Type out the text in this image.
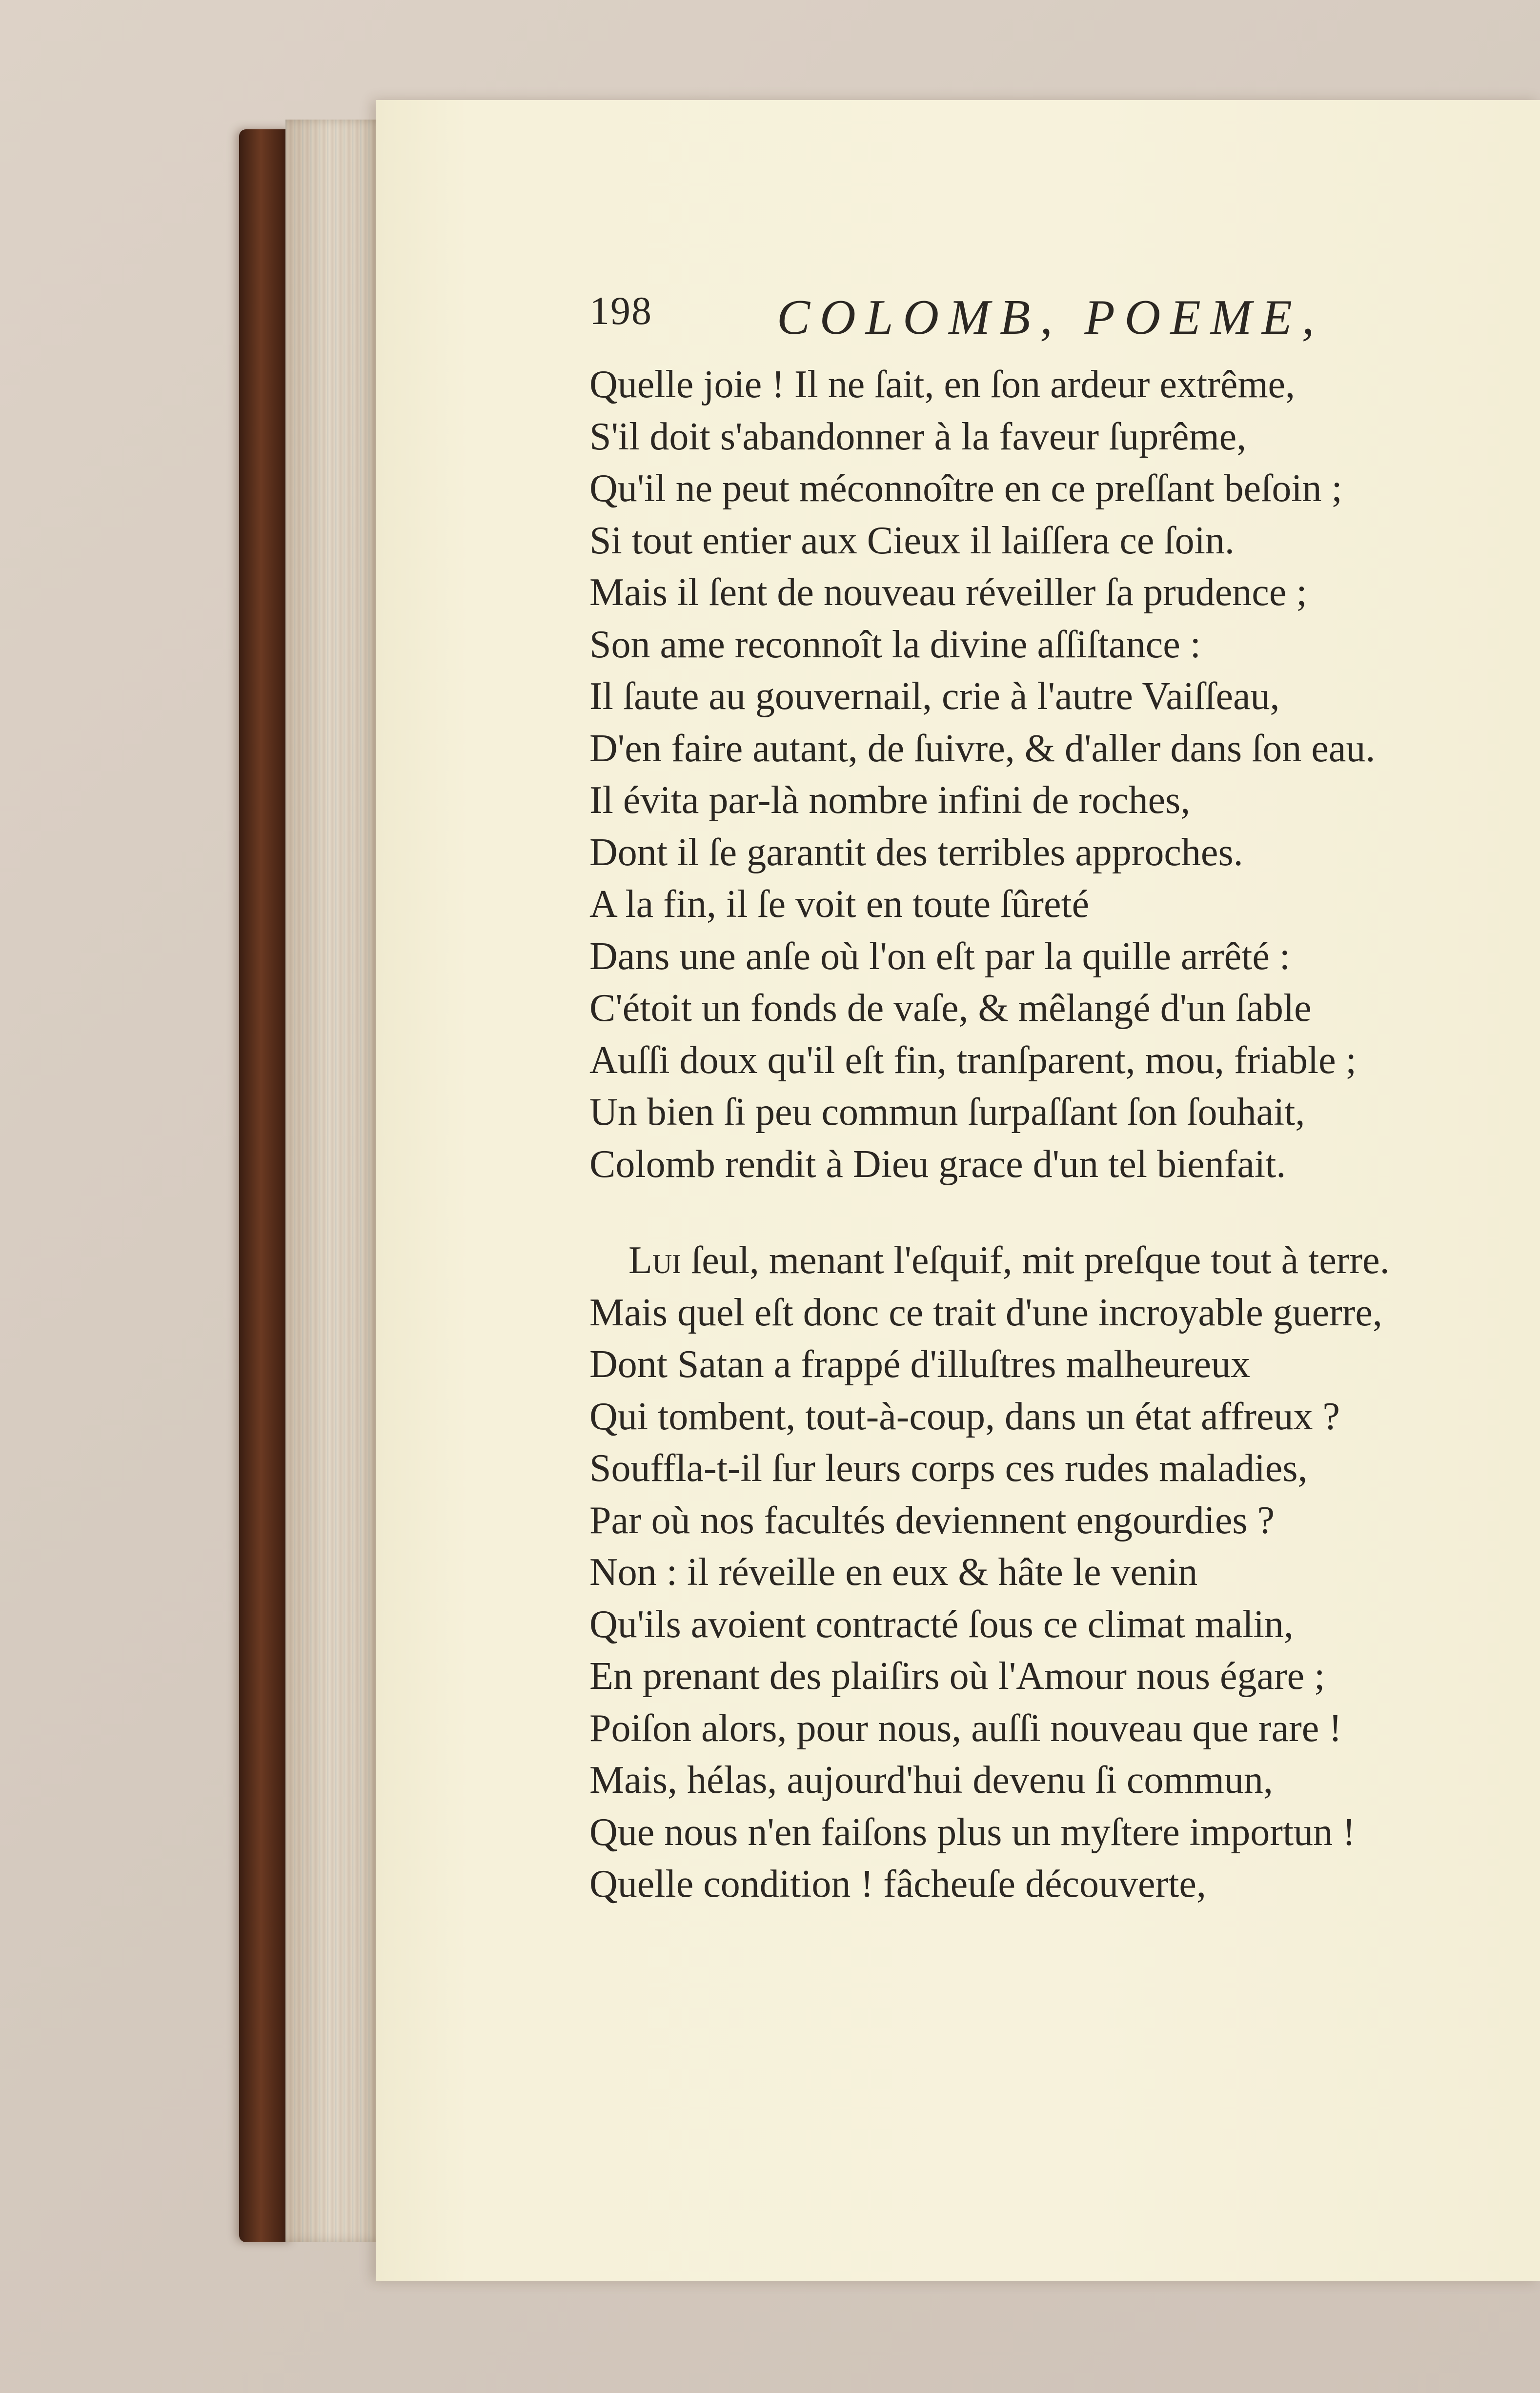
198	COLOMB, POEME,
Quelle joie ! Il ne ſait, en ſon ardeur extrême,
S'il doit s'abandonner à la faveur ſuprême,
Qu'il ne peut méconnoître en ce preſſant beſoin ;
Si tout entier aux Cieux il laiſſera ce ſoin.
Mais il ſent de nouveau réveiller ſa prudence ;
Son ame reconnoît la divine aſſiſtance :
Il ſaute au gouvernail, crie à l'autre Vaiſſeau,
D'en faire autant, de ſuivre, & d'aller dans ſon eau.
Il évita par-là nombre infini de roches,
Dont il ſe garantit des terribles approches.
A la fin, il ſe voit en toute ſûreté
Dans une anſe où l'on eſt par la quille arrêté :
C'étoit un fonds de vaſe, & mêlangé d'un ſable
Auſſi doux qu'il eſt fin, tranſparent, mou, friable ;
Un bien ſi peu commun ſurpaſſant ſon ſouhait,
Colomb rendit à Dieu grace d'un tel bienfait.
Lui ſeul, menant l'eſquif, mit preſque tout à terre.
Mais quel eſt donc ce trait d'une incroyable guerre,
Dont Satan a frappé d'illuſtres malheureux
Qui tombent, tout-à-coup, dans un état affreux ?
Souffla-t-il ſur leurs corps ces rudes maladies,
Par où nos facultés deviennent engourdies ?
Non : il réveille en eux & hâte le venin
Qu'ils avoient contracté ſous ce climat malin,
En prenant des plaiſirs où l'Amour nous égare ;
Poiſon alors, pour nous, auſſi nouveau que rare !
Mais, hélas, aujourd'hui devenu ſi commun,
Que nous n'en faiſons plus un myſtere importun !
Quelle condition ! fâcheuſe découverte,
